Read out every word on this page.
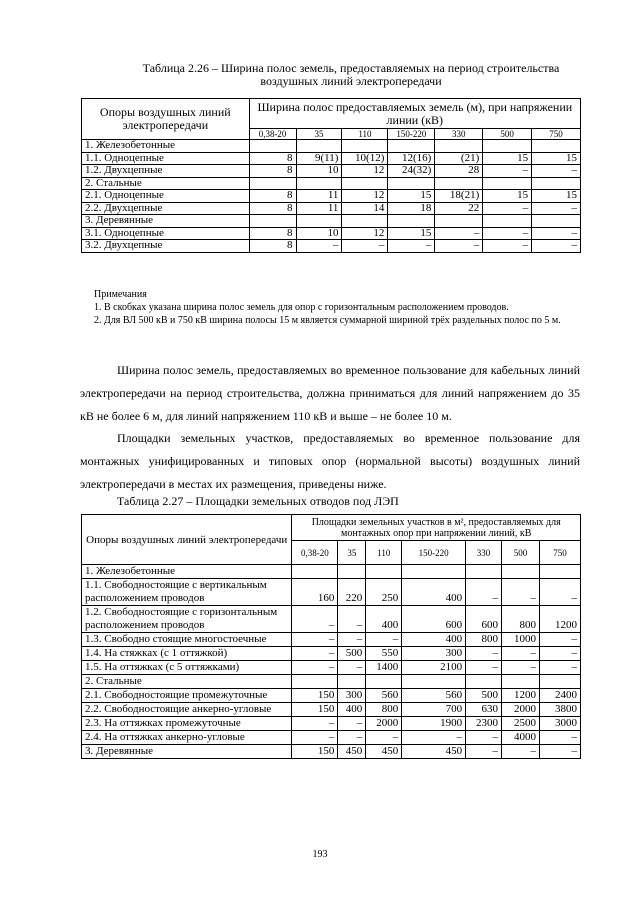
Таблица 2.26 – Ширина полос земель, предоставляемых на период строительства
воздушных линий электропередачи
Опоры воздушных линий электропередачи	Ширина полос предоставляемых земель (м), при напряжении линии (кВ)						
	0,38-20	35	110	150-220	330	500	750
1. Железобетонные							
1.1. Одноцепные	8	9(11)	10(12)	12(16)	(21)	15	15
1.2. Двухцепные	8	10	12	24(32)	28	–	–
2. Стальные							
2.1. Одноцепные	8	11	12	15	18(21)	15	15
2.2. Двухцепные	8	11	14	18	22	–	–
3. Деревянные							
3.1. Одноцепные	8	10	12	15	–	–	–
3.2. Двухцепные	8	–	–	–	–	–	–
Примечания
1. В скобках указана ширина полос земель для опор с горизонтальным расположением проводов.
2. Для ВЛ 500 кВ и 750 кВ ширина полосы 15 м является суммарной шириной трёх раздельных полос по 5 м.
Ширина полос земель, предоставляемых во временное пользование для кабельных линий электропередачи на период строительства, должна приниматься для линий напряжением до 35 кВ не более 6 м, для линий напряжением 110 кВ и выше – не более 10 м.
Площадки земельных участков, предоставляемых во временное пользование для монтажных унифицированных и типовых опор (нормальной высоты) воздушных линий электропередачи в местах их размещения, приведены ниже.
Таблица 2.27 – Площадки земельных отводов под ЛЭП
Опоры воздушных линий электропередачи	Площадки земельных участков в м², предоставляемых для монтажных опор при напряжении линий, кВ						
	0,38-20	35	110	150-220	330	500	750
1. Железобетонные							
1.1. Свободностоящие с вертикальным расположением проводов	160	220	250	400	–	–	–
1.2. Свободностоящие с горизонтальным расположением проводов	–	–	400	600	600	800	1200
1.3. Свободно стоящие многостоечные	–	–	–	400	800	1000	–
1.4. На стяжках (с 1 оттяжкой)	–	500	550	300	–	–	–
1.5. На оттяжках (с 5 оттяжками)	–	–	1400	2100	–	–	–
2. Стальные							
2.1. Свободностоящие промежуточные	150	300	560	560	500	1200	2400
2.2. Свободностоящие анкерно-угловые	150	400	800	700	630	2000	3800
2.3. На оттяжках промежуточные	–	–	2000	1900	2300	2500	3000
2.4. На оттяжках анкерно-угловые	–	–	–	–	–	4000	–
3. Деревянные	150	450	450	450	–	–	–
193
